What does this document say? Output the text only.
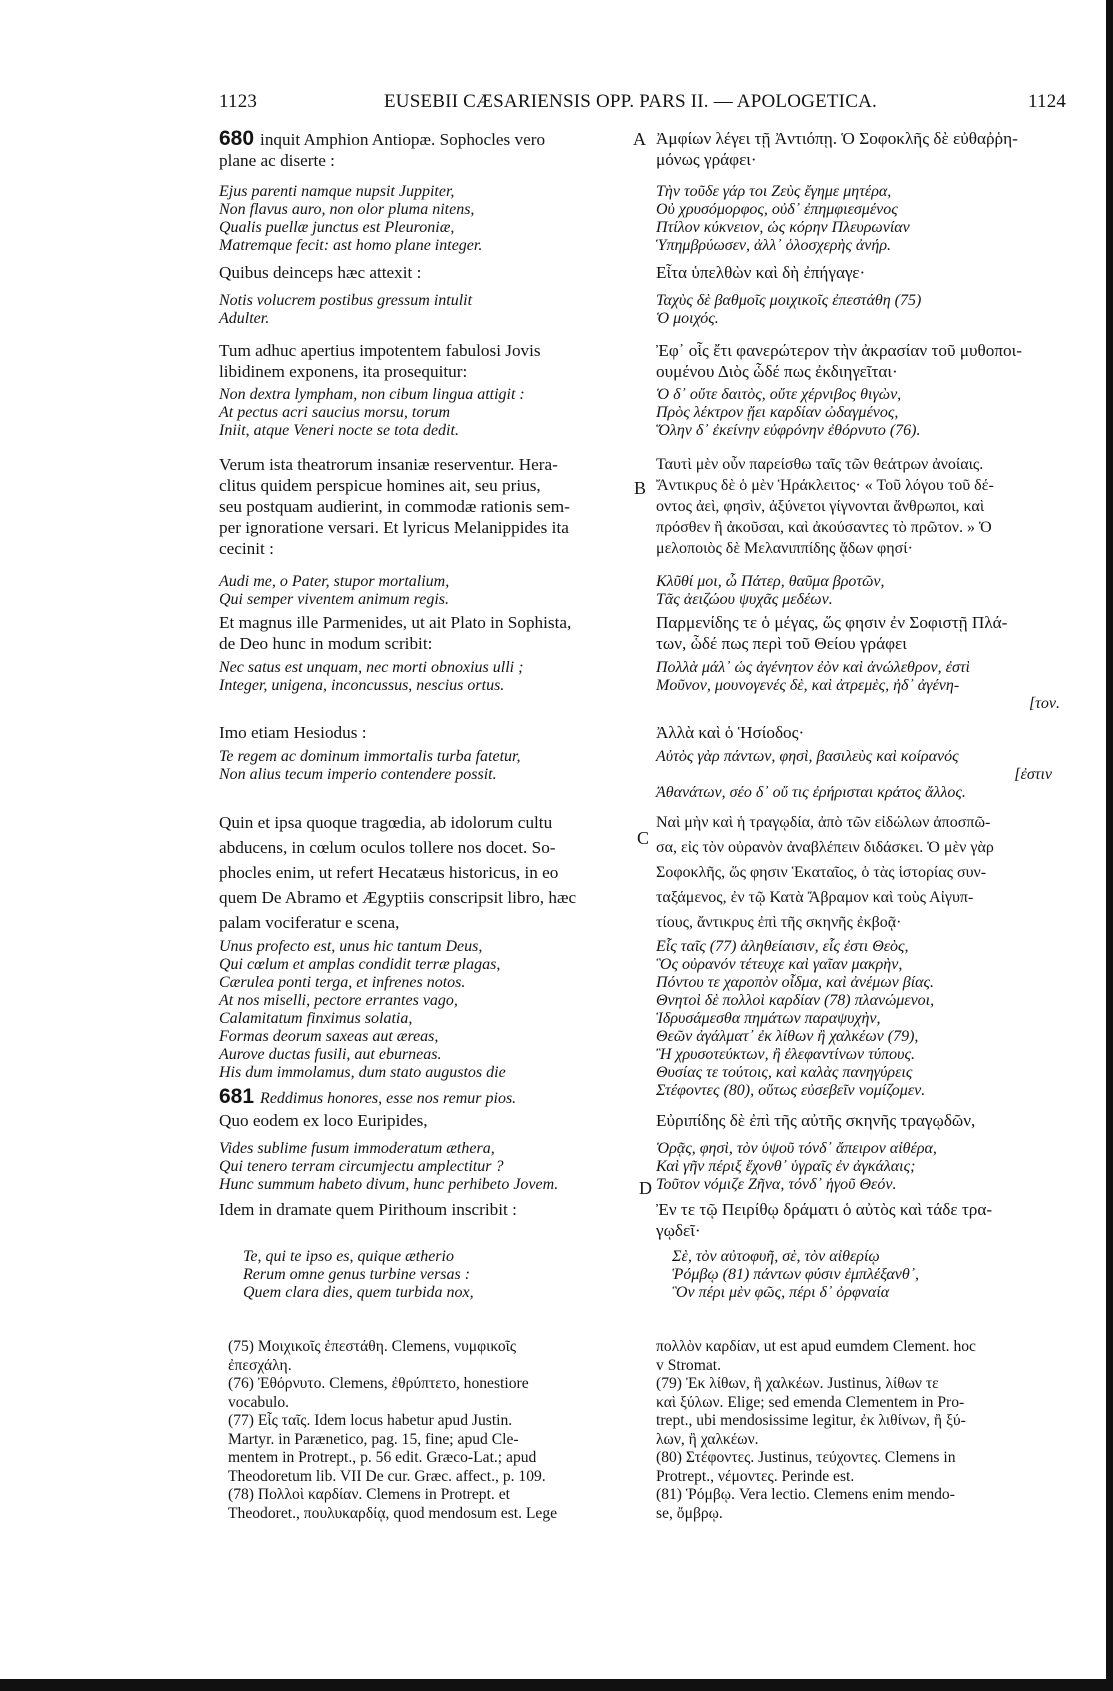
1123	EUSEBII CÆSARIENSIS OPP. PARS II. — APOLOGETICA.	1124
A
B
C
D
680 inquit Amphion Antiopæ. Sophocles vero
plane ac diserte :
Ejus parenti namque nupsit Juppiter,
Non flavus auro, non olor pluma nitens,
Qualis puellæ junctus est Pleuroniæ,
Matremque fecit: ast homo plane integer.
Quibus deinceps hæc attexit :
Notis volucrem postibus gressum intulit
Adulter.
Tum adhuc apertius impotentem fabulosi Jovis
libidinem exponens, ita prosequitur:
Non dextra lympham, non cibum lingua attigit :
At pectus acri saucius morsu, torum
Iniit, atque Veneri nocte se tota dedit.
Verum ista theatrorum insaniæ reserventur. Hera-
clitus quidem perspicue homines ait, seu prius,
seu postquam audierint, in commodæ rationis sem-
per ignoratione versari. Et lyricus Melanippides ita
cecinit :
Audi me, o Pater, stupor mortalium,
Qui semper viventem animum regis.
Et magnus ille Parmenides, ut ait Plato in Sophista,
de Deo hunc in modum scribit:
Nec satus est unquam, nec morti obnoxius ulli ;
Integer, unigena, inconcussus, nescius ortus.
Imo etiam Hesiodus :
Te regem ac dominum immortalis turba fatetur,
Non alius tecum imperio contendere possit.
Quin et ipsa quoque tragœdia, ab idolorum cultu
abducens, in cœlum oculos tollere nos docet. So-
phocles enim, ut refert Hecatæus historicus, in eo
quem De Abramo et Ægyptiis conscripsit libro, hæc
palam vociferatur e scena,
Unus profecto est, unus hic tantum Deus,
Qui cœlum et amplas condidit terræ plagas,
Cærulea ponti terga, et infrenes notos.
At nos miselli, pectore errantes vago,
Calamitatum finximus solatia,
Formas deorum saxeas aut æreas,
Aurove ductas fusili, aut eburneas.
His dum immolamus, dum stato augustos die
681 Reddimus honores, esse nos remur pios.
Quo eodem ex loco Euripides,
Vides sublime fusum immoderatum æthera,
Qui tenero terram circumjectu amplectitur ?
Hunc summum habeto divum, hunc perhibeto Jovem.
Idem in dramate quem Pirithoum inscribit :
Te, qui te ipso es, quique ætherio
Rerum omne genus turbine versas :
Quem clara dies, quem turbida nox,
Ἀμφίων λέγει τῇ Ἀντιόπῃ. Ὁ Σοφοκλῆς δὲ εὐθαῤῥη-
μόνως γράφει·
Τὴν τοῦδε γάρ τοι Ζεὺς ἔγημε μητέρα,
Οὐ χρυσόμορφος, οὐδ᾽ ἐπημφιεσμένος
Πτίλον κύκνειον, ὡς κόρην Πλευρωνίαν
Ὑπημβρύωσεν, ἀλλ᾽ ὁλοσχερὴς ἀνήρ.
Εἶτα ὑπελθὼν καὶ δὴ ἐπήγαγε·
Ταχὺς δὲ βαθμοῖς μοιχικοῖς ἐπεστάθη (75)
Ὁ μοιχός.
Ἐφ᾽ οἷς ἔτι φανερώτερον τὴν ἀκρασίαν τοῦ μυθοποι-
ουμένου Διὸς ὧδέ πως ἐκδιηγεῖται·
Ὁ δ᾽ οὔτε δαιτὸς, οὔτε χέρνιβος θιγὼν,
Πρὸς λέκτρον ᾔει καρδίαν ὠδαγμένος,
Ὅλην δ᾽ ἐκείνην εὐφρόνην ἐθόρνυτο (76).
Ταυτὶ μὲν οὖν παρείσθω ταῖς τῶν θεάτρων ἀνοίαις.
Ἄντικρυς δὲ ὁ μὲν Ἡράκλειτος· « Τοῦ λόγου τοῦ δέ-
οντος ἀεὶ, φησὶν, ἀξύνετοι γίγνονται ἄνθρωποι, καὶ
πρόσθεν ἢ ἀκοῦσαι, καὶ ἀκούσαντες τὸ πρῶτον. » Ὁ
μελοποιὸς δὲ Μελανιππίδης ᾄδων φησί·
Κλῦθί μοι, ὦ Πάτερ, θαῦμα βροτῶν,
Τᾶς ἀειζώου ψυχᾶς μεδέων.
Παρμενίδης τε ὁ μέγας, ὥς φησιν ἐν Σοφιστῇ Πλά-
των, ὧδέ πως περὶ τοῦ Θείου γράφει
Πολλὰ μάλ᾽ ὡς ἀγένητον ἐὸν καὶ ἀνώλεθρον, ἐστὶ
Μοῦνον, μουνογενές δὲ, καὶ ἀτρεμὲς, ἠδ᾽ ἀγένη-
[τον.
Ἀλλὰ καὶ ὁ Ἡσίοδος·
Αὐτὸς γὰρ πάντων, φησὶ, βασιλεὺς καὶ κοίρανός
[ἐστιν
Ἀθανάτων, σέο δ᾽ οὔ τις ἐρήρισται κράτος ἄλλος.
Ναὶ μὴν καὶ ἡ τραγῳδία, ἀπὸ τῶν εἰδώλων ἀποσπῶ-
σα, εἰς τὸν οὐρανὸν ἀναβλέπειν διδάσκει. Ὁ μὲν γὰρ
Σοφοκλῆς, ὥς φησιν Ἑκαταῖος, ὁ τὰς ἱστορίας συν-
ταξάμενος, ἐν τῷ Κατὰ Ἄβραμον καὶ τοὺς Αἰγυπ-
τίους, ἄντικρυς ἐπὶ τῆς σκηνῆς ἐκβοᾷ·
Εἷς ταῖς (77) ἀληθείαισιν, εἷς ἐστι Θεὸς,
Ὃς οὐρανόν τέτευχε καὶ γαῖαν μακρὴν,
Πόντου τε χαροπὸν οἶδμα, καὶ ἀνέμων βίας.
Θνητοὶ δὲ πολλοὶ καρδίαν (78) πλανώμενοι,
Ἱδρυσάμεσθα πημάτων παραψυχὴν,
Θεῶν ἀγάλματ᾽ ἐκ λίθων ἢ χαλκέων (79),
Ἢ χρυσοτεύκτων, ἢ ἐλεφαντίνων τύπους.
Θυσίας τε τούτοις, καὶ καλὰς πανηγύρεις
Στέφοντες (80), οὕτως εὐσεβεῖν νομίζομεν.
Εὐριπίδης δὲ ἐπὶ τῆς αὐτῆς σκηνῆς τραγῳδῶν,
Ὁρᾷς, φησὶ, τὸν ὑψοῦ τόνδ᾽ ἄπειρον αἰθέρα,
Καὶ γῆν πέριξ ἔχονθ᾽ ὑγραῖς ἐν ἀγκάλαις;
Τοῦτον νόμιζε Ζῆνα, τόνδ᾽ ἡγοῦ Θεόν.
Ἐν τε τῷ Πειρίθῳ δράματι ὁ αὐτὸς καὶ τάδε τρα-
γῳδεῖ·
Σὲ, τὸν αὐτοφυῆ, σὲ, τὸν αἰθερίῳ
Ῥόμβῳ (81) πάντων φύσιν ἐμπλέξανθ᾽,
Ὃν πέρι μὲν φῶς, πέρι δ᾽ ὀρφναία
(75) Μοιχικοῖς ἐπεστάθη. Clemens, νυμφικοῖς
ἐπεσχάλη.
(76) Ἐθόρνυτο. Clemens, ἐθρύπτετο, honestiore
vocabulo.
(77) Εἷς ταῖς. Idem locus habetur apud Justin.
Martyr. in Parænetico, pag. 15, fine; apud Cle-
mentem in Protrept., p. 56 edit. Græco-Lat.; apud
Theodoretum lib. VII De cur. Græc. affect., p. 109.
(78) Πολλοὶ καρδίαν. Clemens in Protrept. et
Theodoret., πουλυκαρδίᾳ, quod mendosum est. Lege
πολλὸν καρδίαν, ut est apud eumdem Clement. hoc
v Stromat.
(79) Ἐκ λίθων, ἢ χαλκέων. Justinus, λίθων τε
καὶ ξύλων. Elige; sed emenda Clementem in Pro-
trept., ubi mendosissime legitur, ἐκ λιθίνων, ἢ ξύ-
λων, ἢ χαλκέων.
(80) Στέφοντες. Justinus, τεύχοντες. Clemens in
Protrept., νέμοντες. Perinde est.
(81) Ῥόμβῳ. Vera lectio. Clemens enim mendo-
se, ὄμβρῳ.
